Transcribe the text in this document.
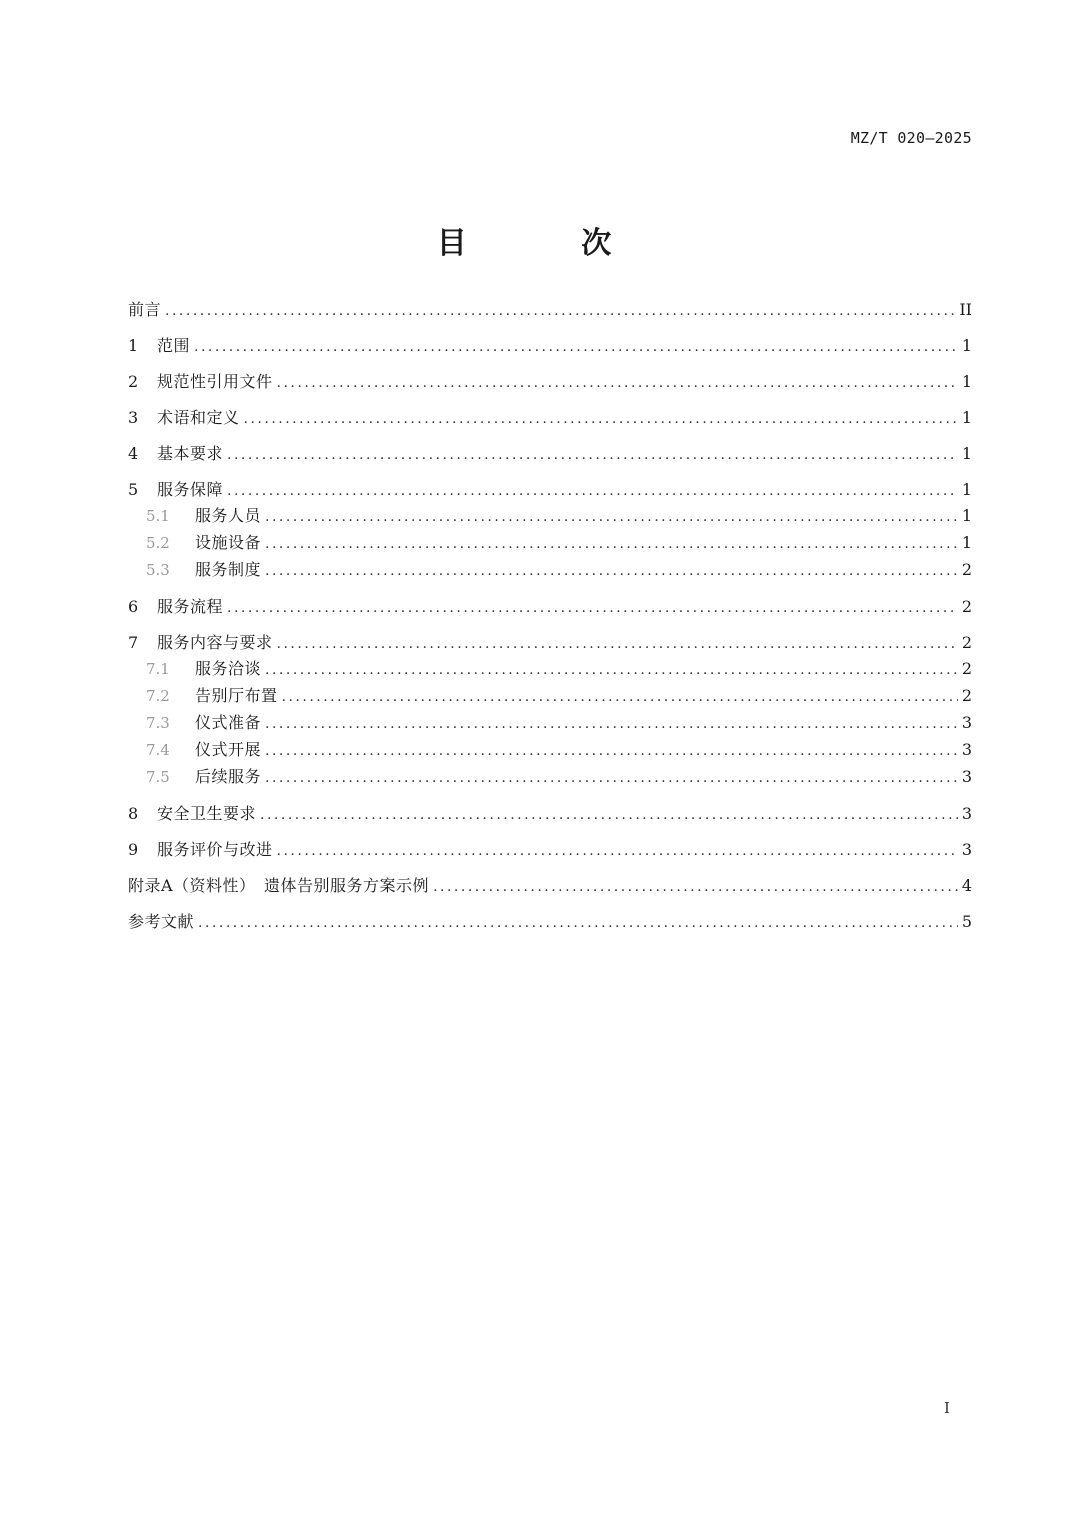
MZ/T 020—2025
目 次
前言 .....	II
1	范围 .....	1
2	规范性引用文件 .....	1
3	术语和定义 .....	1
4	基本要求 .....	1
5	服务保障 .....	1
5.1	服务人员 .....	1
5.2	设施设备 .....	1
5.3	服务制度 .....	2
6	服务流程 .....	2
7	服务内容与要求 .....	2
7.1	服务洽谈 .....	2
7.2	告别厅布置 .....	2
7.3	仪式准备 .....	3
7.4	仪式开展 .....	3
7.5	后续服务 .....	3
8	安全卫生要求 .....	3
9	服务评价与改进 .....	3
附录A（资料性）　遗体告别服务方案示例 .....	4
参考文献 .....	5
I
